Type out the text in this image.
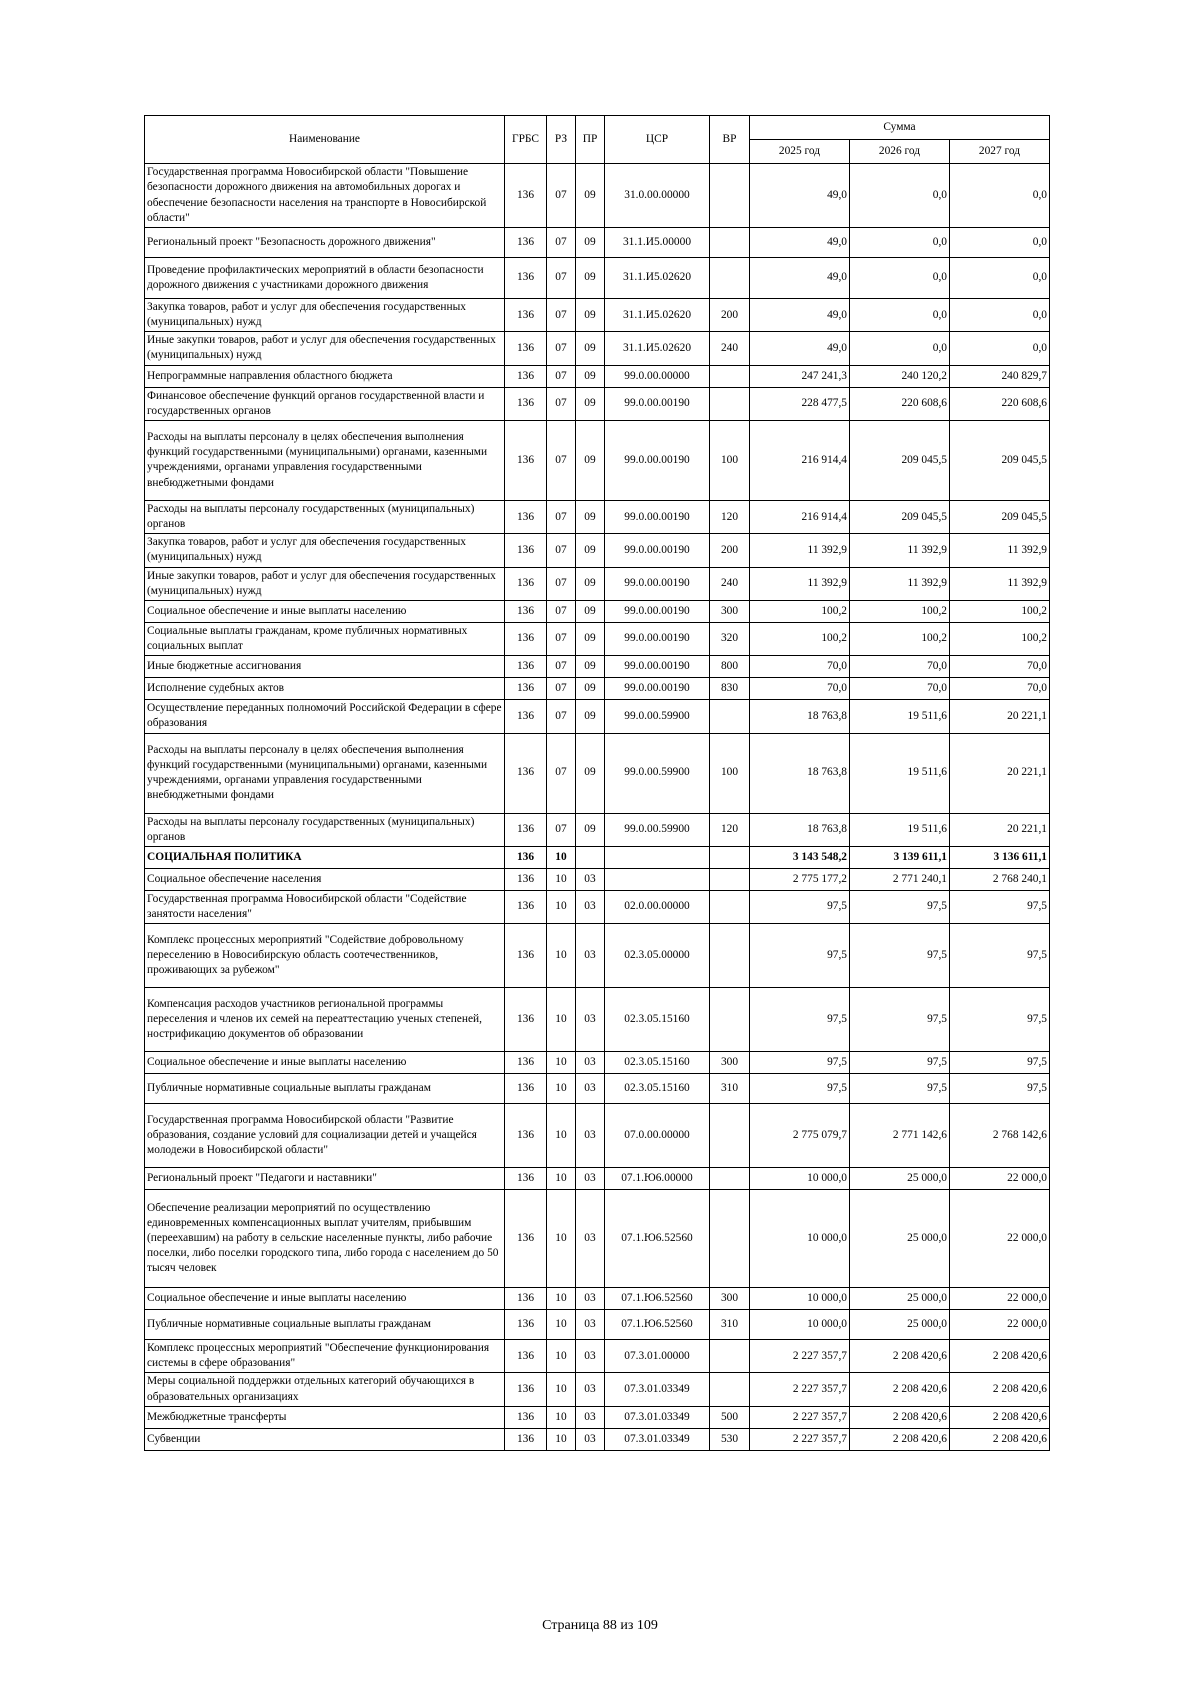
Наименование	ГРБС	РЗ	ПР	ЦСР	ВР	Сумма		
						2025 год	2026 год	2027 год
Государственная программа Новосибирской области "Повышение безопасности дорожного движения на автомобильных дорогах и обеспечение безопасности населения на транспорте в Новосибирской области"	136	07	09	31.0.00.00000		49,0	0,0	0,0
Региональный проект "Безопасность дорожного движения"	136	07	09	31.1.И5.00000		49,0	0,0	0,0
Проведение профилактических мероприятий в области безопасности дорожного движения с участниками дорожного движения	136	07	09	31.1.И5.02620		49,0	0,0	0,0
Закупка товаров, работ и услуг для обеспечения государственных (муниципальных) нужд	136	07	09	31.1.И5.02620	200	49,0	0,0	0,0
Иные закупки товаров, работ и услуг для обеспечения государственных (муниципальных) нужд	136	07	09	31.1.И5.02620	240	49,0	0,0	0,0
Непрограммные направления областного бюджета	136	07	09	99.0.00.00000		247 241,3	240 120,2	240 829,7
Финансовое обеспечение функций органов государственной власти и государственных органов	136	07	09	99.0.00.00190		228 477,5	220 608,6	220 608,6
Расходы на выплаты персоналу в целях обеспечения выполнения функций государственными (муниципальными) органами, казенными учреждениями, органами управления государственными внебюджетными фондами	136	07	09	99.0.00.00190	100	216 914,4	209 045,5	209 045,5
Расходы на выплаты персоналу государственных (муниципальных) органов	136	07	09	99.0.00.00190	120	216 914,4	209 045,5	209 045,5
Закупка товаров, работ и услуг для обеспечения государственных (муниципальных) нужд	136	07	09	99.0.00.00190	200	11 392,9	11 392,9	11 392,9
Иные закупки товаров, работ и услуг для обеспечения государственных (муниципальных) нужд	136	07	09	99.0.00.00190	240	11 392,9	11 392,9	11 392,9
Социальное обеспечение и иные выплаты населению	136	07	09	99.0.00.00190	300	100,2	100,2	100,2
Социальные выплаты гражданам, кроме публичных нормативных социальных выплат	136	07	09	99.0.00.00190	320	100,2	100,2	100,2
Иные бюджетные ассигнования	136	07	09	99.0.00.00190	800	70,0	70,0	70,0
Исполнение судебных актов	136	07	09	99.0.00.00190	830	70,0	70,0	70,0
Осуществление переданных полномочий Российской Федерации в сфере образования	136	07	09	99.0.00.59900		18 763,8	19 511,6	20 221,1
Расходы на выплаты персоналу в целях обеспечения выполнения функций государственными (муниципальными) органами, казенными учреждениями, органами управления государственными внебюджетными фондами	136	07	09	99.0.00.59900	100	18 763,8	19 511,6	20 221,1
Расходы на выплаты персоналу государственных (муниципальных) органов	136	07	09	99.0.00.59900	120	18 763,8	19 511,6	20 221,1
СОЦИАЛЬНАЯ ПОЛИТИКА	136	10				3 143 548,2	3 139 611,1	3 136 611,1
Социальное обеспечение населения	136	10	03			2 775 177,2	2 771 240,1	2 768 240,1
Государственная программа Новосибирской области "Содействие занятости населения"	136	10	03	02.0.00.00000		97,5	97,5	97,5
Комплекс процессных мероприятий "Содействие добровольному переселению в Новосибирскую область соотечественников, проживающих за рубежом"	136	10	03	02.3.05.00000		97,5	97,5	97,5
Компенсация расходов участников региональной программы переселения и членов их семей на переаттестацию ученых степеней, нострификацию документов об образовании	136	10	03	02.3.05.15160		97,5	97,5	97,5
Социальное обеспечение и иные выплаты населению	136	10	03	02.3.05.15160	300	97,5	97,5	97,5
Публичные нормативные социальные выплаты гражданам	136	10	03	02.3.05.15160	310	97,5	97,5	97,5
Государственная программа Новосибирской области "Развитие образования, создание условий для социализации детей и учащейся молодежи в Новосибирской области"	136	10	03	07.0.00.00000		2 775 079,7	2 771 142,6	2 768 142,6
Региональный проект "Педагоги и наставники"	136	10	03	07.1.Ю6.00000		10 000,0	25 000,0	22 000,0
Обеспечение реализации мероприятий по осуществлению единовременных компенсационных выплат учителям, прибывшим (переехавшим) на работу в сельские населенные пункты, либо рабочие поселки, либо поселки городского типа, либо города с населением до 50 тысяч человек	136	10	03	07.1.Ю6.52560		10 000,0	25 000,0	22 000,0
Социальное обеспечение и иные выплаты населению	136	10	03	07.1.Ю6.52560	300	10 000,0	25 000,0	22 000,0
Публичные нормативные социальные выплаты гражданам	136	10	03	07.1.Ю6.52560	310	10 000,0	25 000,0	22 000,0
Комплекс процессных мероприятий "Обеспечение функционирования системы в сфере образования"	136	10	03	07.3.01.00000		2 227 357,7	2 208 420,6	2 208 420,6
Меры социальной поддержки отдельных категорий обучающихся в образовательных организациях	136	10	03	07.3.01.03349		2 227 357,7	2 208 420,6	2 208 420,6
Межбюджетные трансферты	136	10	03	07.3.01.03349	500	2 227 357,7	2 208 420,6	2 208 420,6
Субвенции	136	10	03	07.3.01.03349	530	2 227 357,7	2 208 420,6	2 208 420,6
Страница 88 из 109
